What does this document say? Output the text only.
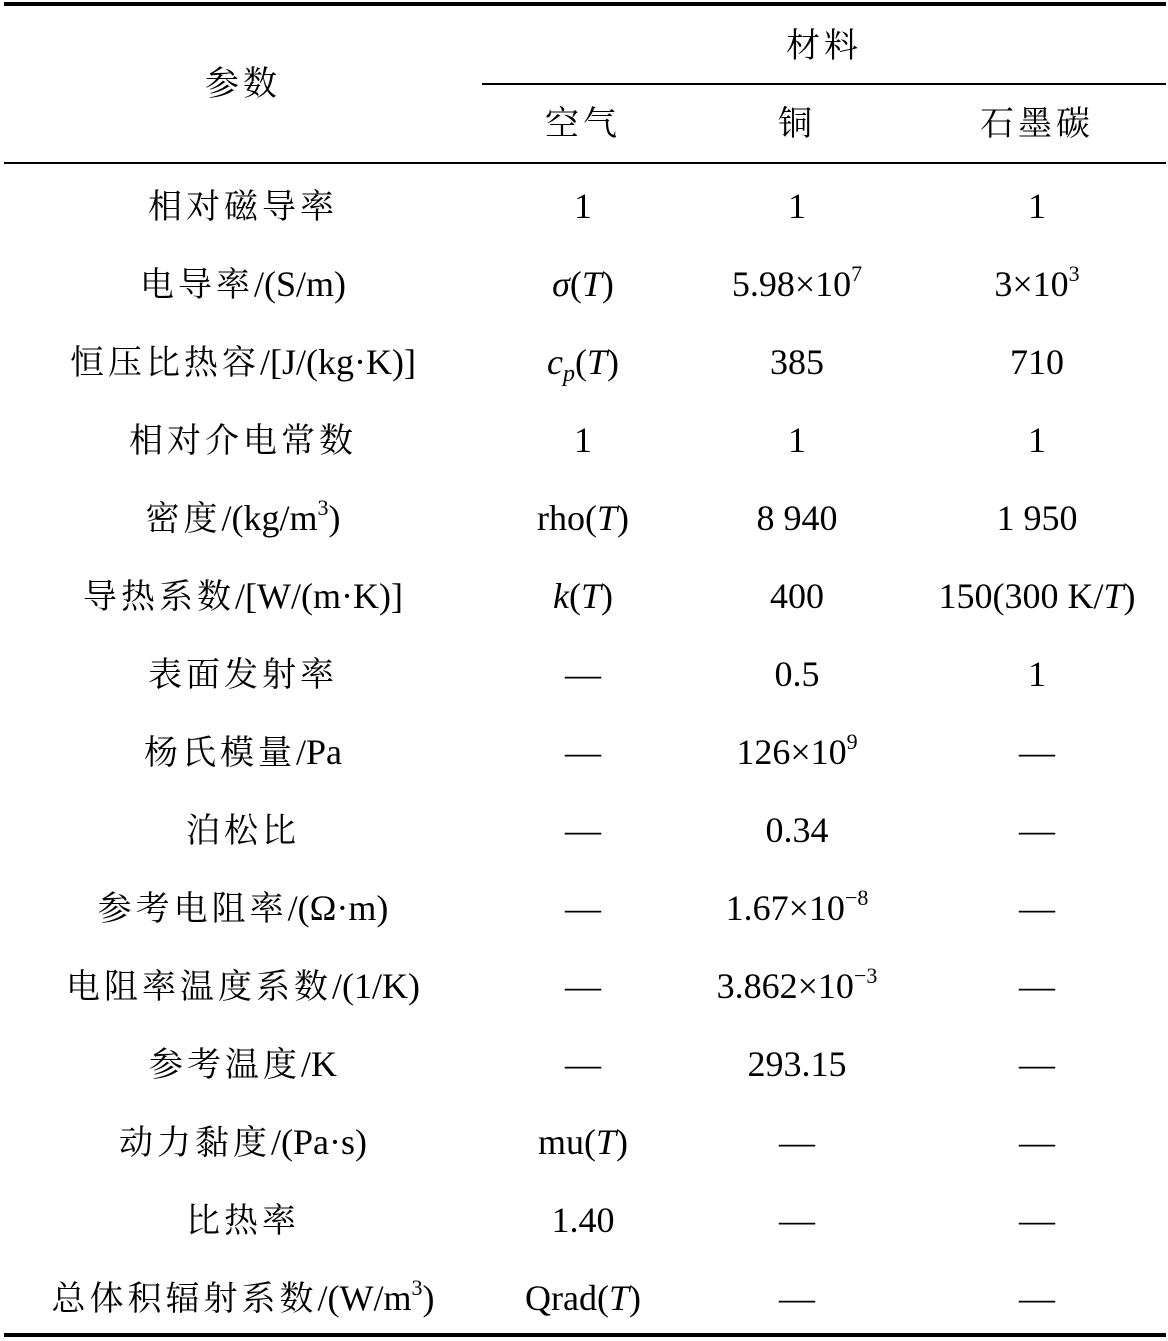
参数
材料
空气	铜	石墨碳
相对磁导率	1	1	1
电导率/(S/m)	σ(T)	$5.98\times 10^7$	$3\times 10^3$
恒压比热容/[J/(kg·K)]	$c_p(T)$	385	710
相对介电常数	1	1	1
密度$/(kg/m^3)$	rho(T)	8 940	1 950
导热系数/[W/(m·K)]	k(T)	400	150(300 K/T)
表面发射率	—	0.5	1
杨氏模量/Pa	—	$126\times 10^9$	—
泊松比	—	0.34	—
参考电阻率/(Ω·m)	—	$1.67\times 10^{-8}$	—
电阻率温度系数/(1/K)	—	$3.862\times 10^{-3}$	—
参考温度/K	—	293.15	—
动力黏度/(Pa·s)	mu(T)	—	—
比热率	1.40	—	—
总体积辐射系数$/(W/m^3)$	Qrad(T)	—	—
